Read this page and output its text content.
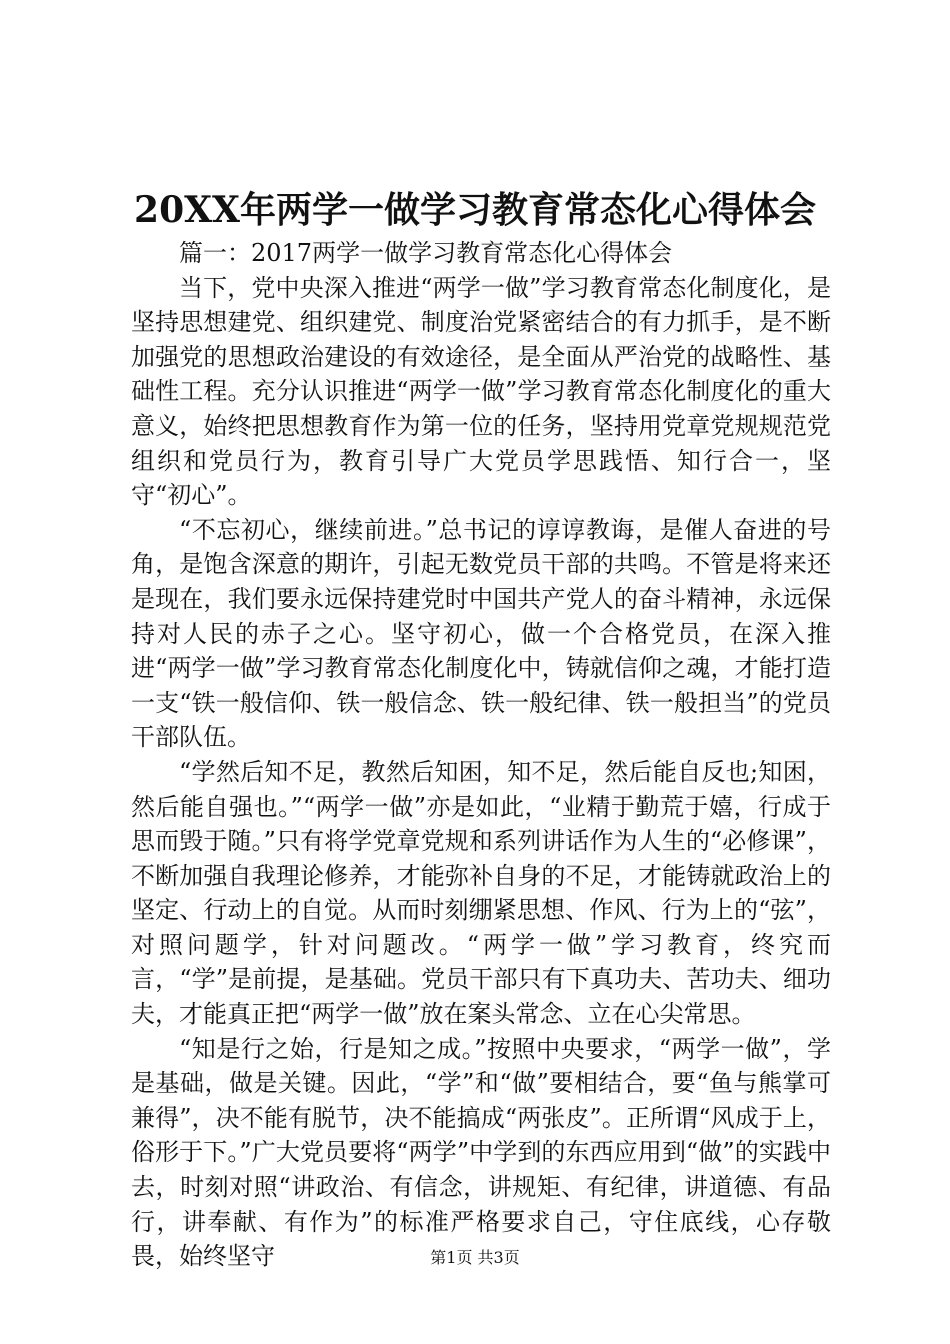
20XX年两学一做学习教育常态化心得体会

篇一：2017两学一做学习教育常态化心得体会

当下，党中央深入推进“两学一做”学习教育常态化制度化，是坚持思想建党、组织建党、制度治党紧密结合的有力抓手，是不断加强党的思想政治建设的有效途径，是全面从严治党的战略性、基础性工程。充分认识推进“两学一做”学习教育常态化制度化的重大意义，始终把思想教育作为第一位的任务，坚持用党章党规规范党组织和党员行为，教育引导广大党员学思践悟、知行合一，坚守“初心”。

“不忘初心，继续前进。”总书记的谆谆教诲，是催人奋进的号角，是饱含深意的期许，引起无数党员干部的共鸣。不管是将来还是现在，我们要永远保持建党时中国共产党人的奋斗精神，永远保持对人民的赤子之心。坚守初心，做一个合格党员，在深入推进“两学一做”学习教育常态化制度化中，铸就信仰之魂，才能打造一支“铁一般信仰、铁一般信念、铁一般纪律、铁一般担当”的党员干部队伍。

“学然后知不足，教然后知困，知不足，然后能自反也;知困，然后能自强也。”“两学一做”亦是如此，“业精于勤荒于嬉，行成于思而毁于随。”只有将学党章党规和系列讲话作为人生的“必修课”，不断加强自我理论修养，才能弥补自身的不足，才能铸就政治上的坚定、行动上的自觉。从而时刻绷紧思想、作风、行为上的“弦”，对照问题学，针对问题改。“两学一做”学习教育，终究而言，“学”是前提，是基础。党员干部只有下真功夫、苦功夫、细功夫，才能真正把“两学一做”放在案头常念、立在心尖常思。

“知是行之始，行是知之成。”按照中央要求，“两学一做”，学是基础，做是关键。因此，“学”和“做”要相结合，要“鱼与熊掌可兼得”，决不能有脱节，决不能搞成“两张皮”。正所谓“风成于上，俗形于下。”广大党员要将“两学”中学到的东西应用到“做”的实践中去，时刻对照“讲政治、有信念，讲规矩、有纪律，讲道德、有品行，讲奉献、有作为”的标准严格要求自己，守住底线，心存敬畏，始终坚守	第1页 共3页
